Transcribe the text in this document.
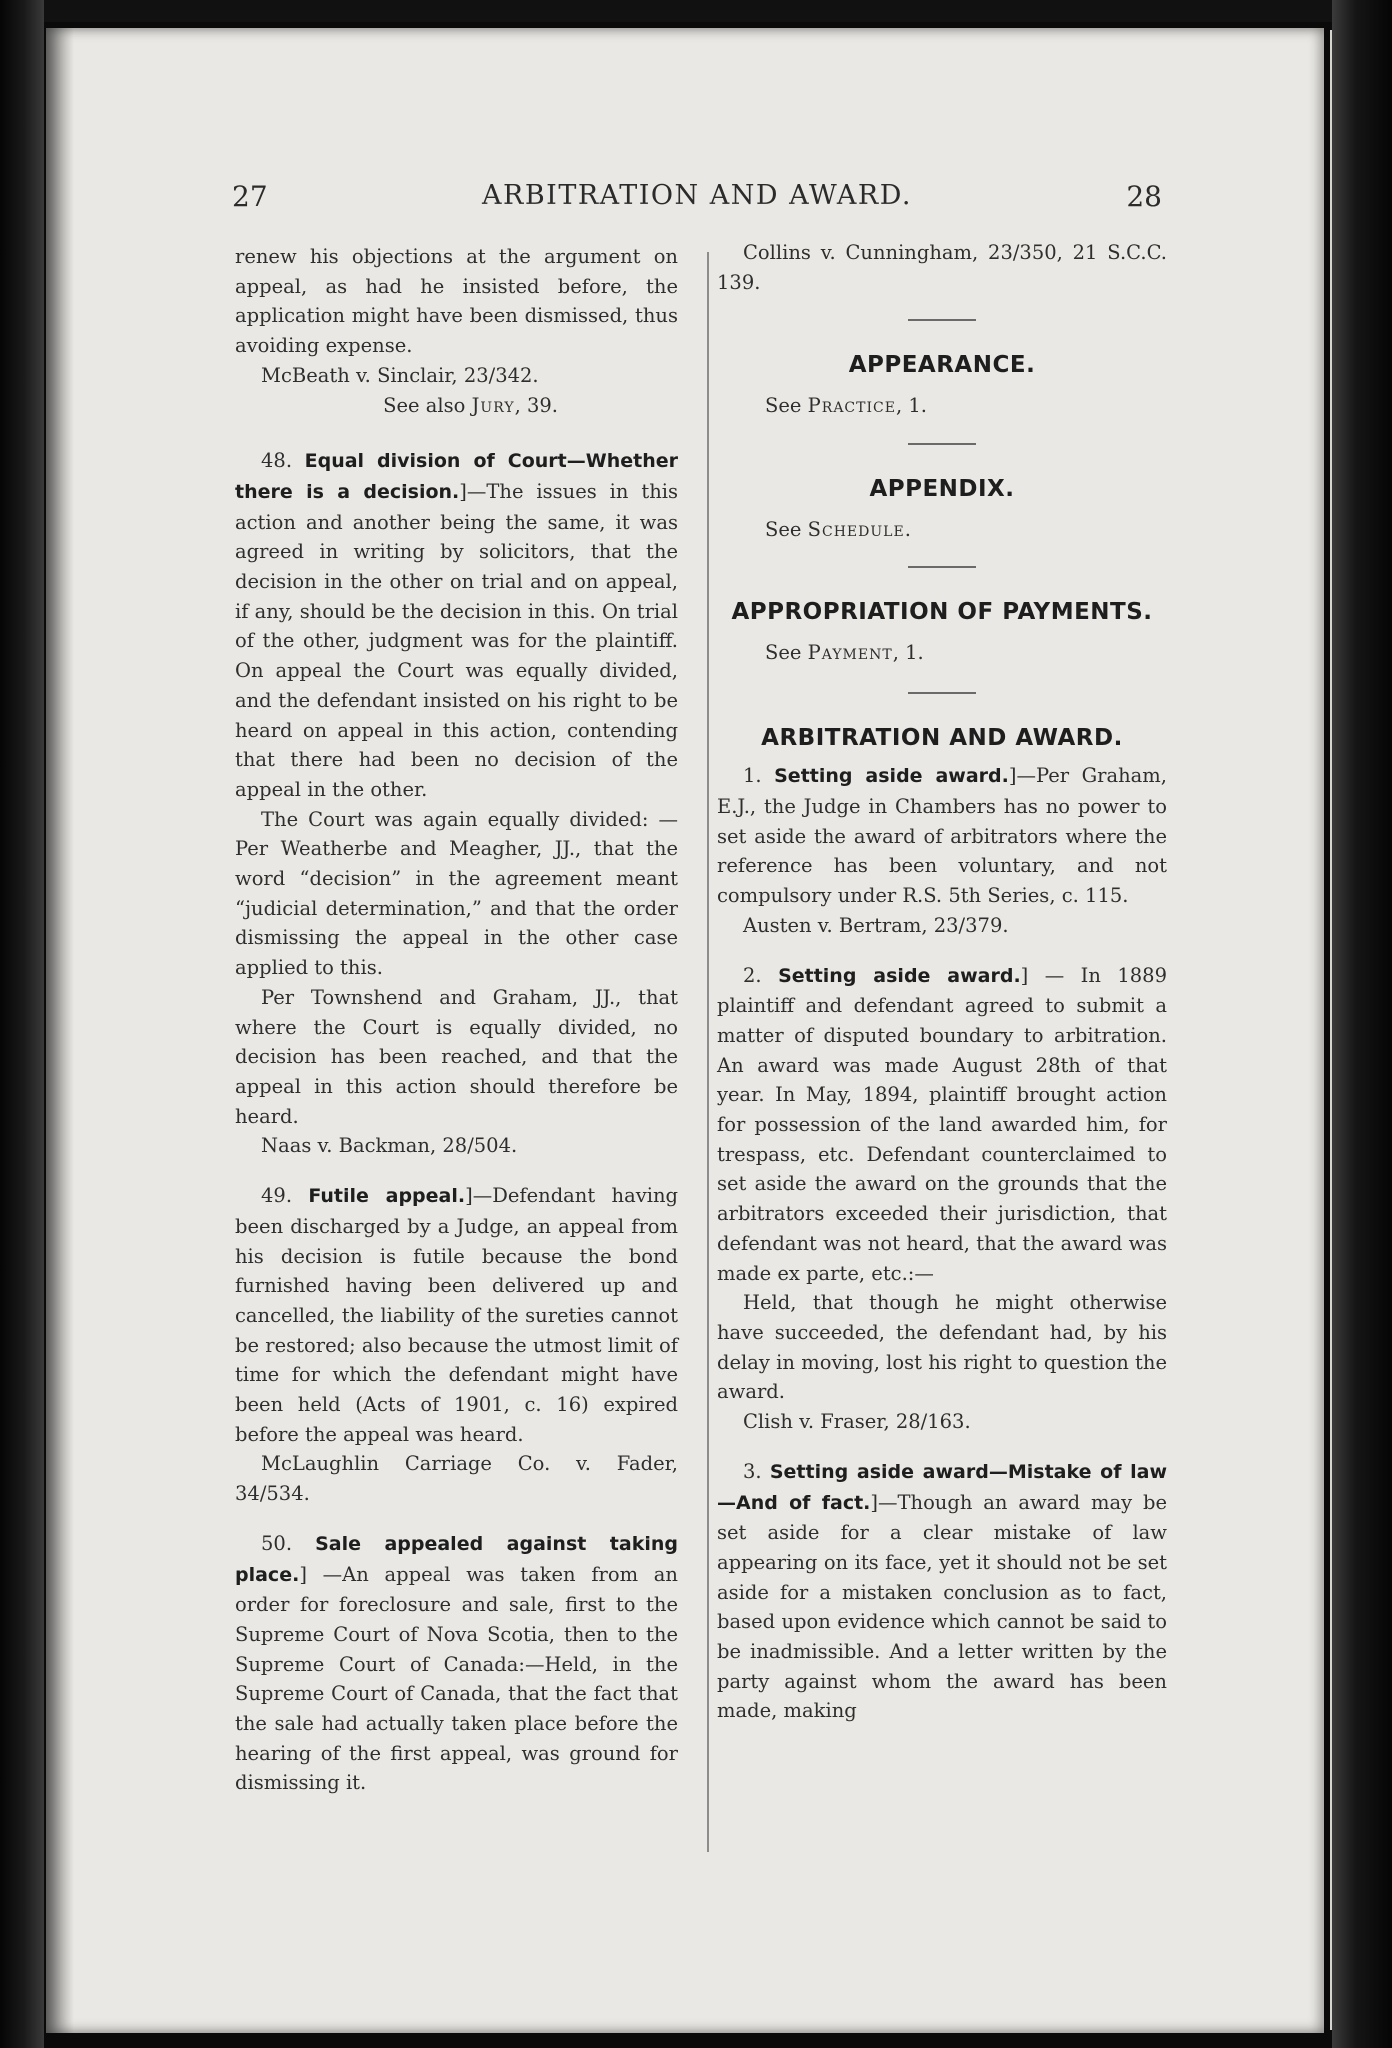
27	ARBITRATION AND AWARD.	28

renew his objections at the argument on appeal, as had he insisted before, the application might have been dismissed, thus avoiding expense.

McBeath v. Sinclair, 23/342.

See also Jury, 39.

48. Equal division of Court—Whether there is a decision.]—The issues in this action and another being the same, it was agreed in writing by solicitors, that the decision in the other on trial and on appeal, if any, should be the decision in this. On trial of the other, judgment was for the plaintiff. On appeal the Court was equally divided, and the defendant insisted on his right to be heard on appeal in this action, contending that there had been no decision of the appeal in the other.

The Court was again equally divided: —Per Weatherbe and Meagher, JJ., that the word “decision” in the agreement meant “judicial determination,” and that the order dismissing the appeal in the other case applied to this.

Per Townshend and Graham, JJ., that where the Court is equally divided, no decision has been reached, and that the appeal in this action should therefore be heard.

Naas v. Backman, 28/504.

49. Futile appeal.]—Defendant having been discharged by a Judge, an appeal from his decision is futile because the bond furnished having been delivered up and cancelled, the liability of the sureties cannot be restored; also because the utmost limit of time for which the defendant might have been held (Acts of 1901, c. 16) expired before the appeal was heard.

McLaughlin Carriage Co. v. Fader, 34/534.

50. Sale appealed against taking place.] —An appeal was taken from an order for foreclosure and sale, first to the Supreme Court of Nova Scotia, then to the Supreme Court of Canada:—Held, in the Supreme Court of Canada, that the fact that the sale had actually taken place before the hearing of the first appeal, was ground for dismissing it.

Collins v. Cunningham, 23/350, 21 S.C.C. 139.

APPEARANCE.

See Practice, 1.

APPENDIX.

See Schedule.

APPROPRIATION OF PAYMENTS.

See Payment, 1.

ARBITRATION AND AWARD.

1. Setting aside award.]—Per Graham, E.J., the Judge in Chambers has no power to set aside the award of arbitrators where the reference has been voluntary, and not compulsory under R.S. 5th Series, c. 115.

Austen v. Bertram, 23/379.

2. Setting aside award.] — In 1889 plaintiff and defendant agreed to submit a matter of disputed boundary to arbitration. An award was made August 28th of that year. In May, 1894, plaintiff brought action for possession of the land awarded him, for trespass, etc. Defendant counterclaimed to set aside the award on the grounds that the arbitrators exceeded their jurisdiction, that defendant was not heard, that the award was made ex parte, etc.:—

Held, that though he might otherwise have succeeded, the defendant had, by his delay in moving, lost his right to question the award.

Clish v. Fraser, 28/163.

3. Setting aside award—Mistake of law—And of fact.]—Though an award may be set aside for a clear mistake of law appearing on its face, yet it should not be set aside for a mistaken conclusion as to fact, based upon evidence which cannot be said to be inadmissible. And a letter written by the party against whom the award has been made, making
